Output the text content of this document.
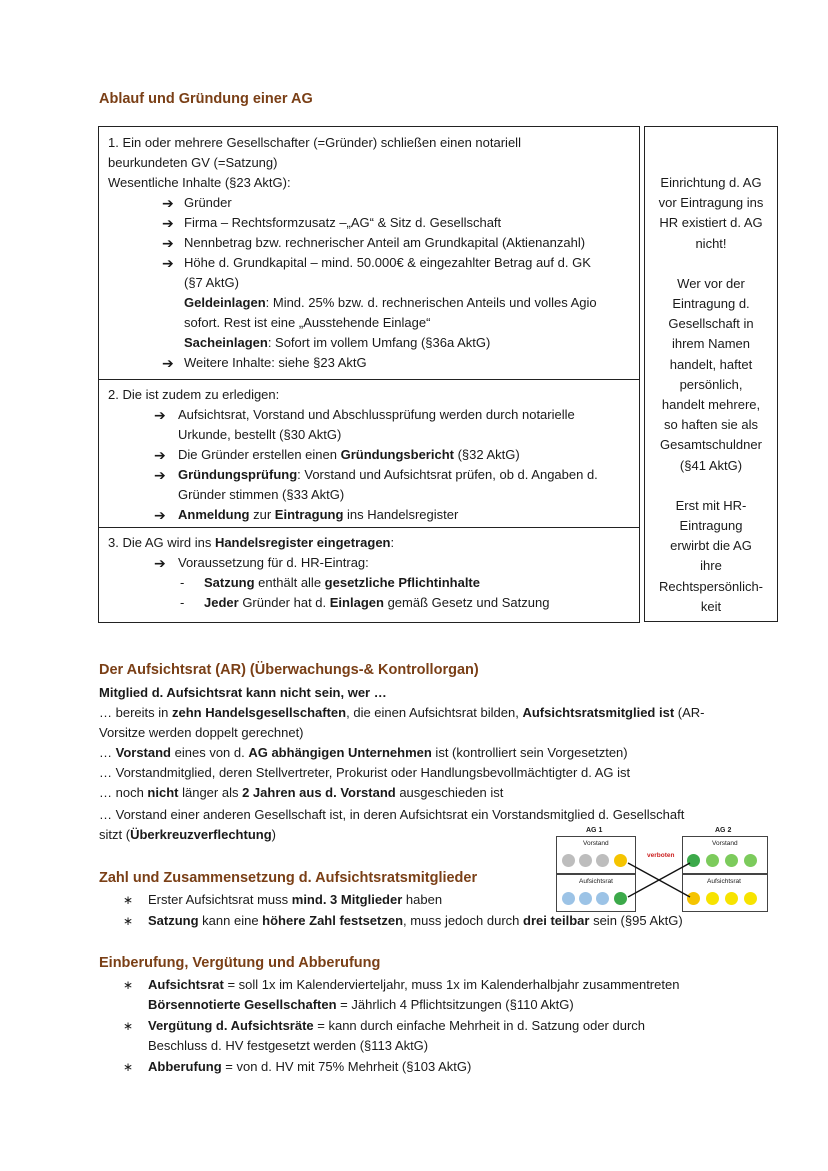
Ablauf und Gründung einer AG
1. Ein oder mehrere Gesellschafter (=Gründer) schließen einen notariell
beurkundeten GV (=Satzung)
Wesentliche Inhalte (§23 AktG):
➔ Gründer
➔ Firma – Rechtsformzusatz –„AG“ & Sitz d. Gesellschaft
➔ Nennbetrag bzw. rechnerischer Anteil am Grundkapital (Aktienanzahl)
➔ Höhe d. Grundkapital – mind. 50.000€ & eingezahlter Betrag auf d. GK
(§7 AktG)
Geldeinlagen: Mind. 25% bzw. d. rechnerischen Anteils und volles Agio
sofort. Rest ist eine „Ausstehende Einlage“
Sacheinlagen: Sofort im vollem Umfang (§36a AktG)
➔ Weitere Inhalte: siehe §23 AktG
2. Die ist zudem zu erledigen:
➔ Aufsichtsrat, Vorstand und Abschlussprüfung werden durch notarielle
Urkunde, bestellt (§30 AktG)
➔ Die Gründer erstellen einen Gründungsbericht (§32 AktG)
➔ Gründungsprüfung: Vorstand und Aufsichtsrat prüfen, ob d. Angaben d.
Gründer stimmen (§33 AktG)
➔ Anmeldung zur Eintragung ins Handelsregister
3. Die AG wird ins Handelsregister eingetragen:
➔ Voraussetzung für d. HR-Eintrag:
- Satzung enthält alle gesetzliche Pflichtinhalte
- Jeder Gründer hat d. Einlagen gemäß Gesetz und Satzung

Einrichtung d. AG

vor Eintragung ins

HR existiert d. AG

nicht!

Wer vor der

Eintragung d.

Gesellschaft in

ihrem Namen

handelt, haftet

persönlich,

handelt mehrere,

so haften sie als

Gesamtschuldner

(§41 AktG)

Erst mit HR-

Eintragung

erwirbt die AG

ihre

Rechtspersönlich-

keit

Der Aufsichtsrat (AR) (Überwachungs-& Kontrollorgan)
Mitglied d. Aufsichtsrat kann nicht sein, wer …
… bereits in zehn Handelsgesellschaften, die einen Aufsichtsrat bilden, Aufsichtsratsmitglied ist (AR-
Vorsitze werden doppelt gerechnet)
… Vorstand eines von d. AG abhängigen Unternehmen ist (kontrolliert sein Vorgesetzten)
… Vorstandmitglied, deren Stellvertreter, Prokurist oder Handlungsbevollmächtigter d. AG ist
… noch nicht länger als 2 Jahren aus d. Vorstand ausgeschieden ist
… Vorstand einer anderen Gesellschaft ist, in deren Aufsichtsrat ein Vorstandsmitglied d. Gesellschaft
sitzt (Überkreuzverflechtung)	AG 1	AG 2
Vorstand
Aufsichtsrat
Vorstand
Aufsichtsrat
verboten
Zahl und Zusammensetzung d. Aufsichtsratsmitglieder
∗ Erster Aufsichtsrat muss mind. 3 Mitglieder haben
∗ Satzung kann eine höhere Zahl festsetzen, muss jedoch durch drei teilbar sein (§95 AktG)
Einberufung, Vergütung und Abberufung
∗ Aufsichtsrat = soll 1x im Kalendervierteljahr, muss 1x im Kalenderhalbjahr zusammentreten
Börsennotierte Gesellschaften = Jährlich 4 Pflichtsitzungen (§110 AktG)
∗ Vergütung d. Aufsichtsräte = kann durch einfache Mehrheit in d. Satzung oder durch
Beschluss d. HV festgesetzt werden (§113 AktG)
∗ Abberufung = von d. HV mit 75% Mehrheit (§103 AktG)
